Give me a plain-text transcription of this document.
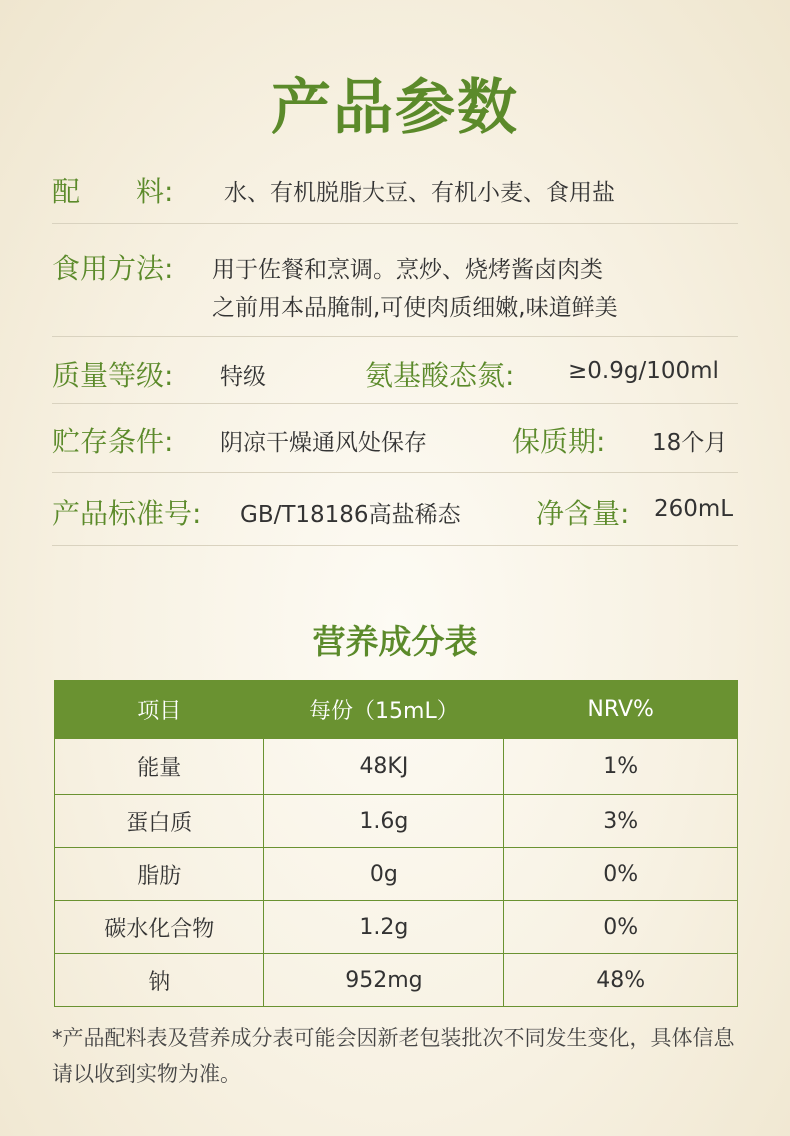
产品参数
配　　料: 水、有机脱脂大豆、有机小麦、食用盐
食用方法: 用于佐餐和烹调。烹炒、烧烤酱卤肉类
之前用本品腌制,可使肉质细嫩,味道鲜美
质量等级: 特级	氨基酸态氮: ≥0.9g/100ml
贮存条件: 阴凉干燥通风处保存	保质期: 18个月
产品标准号: GB/T18186高盐稀态	净含量: 260mL
营养成分表
项目	每份（15mL）	NRV%
能量	48KJ	1%
蛋白质	1.6g	3%
脂肪	0g	0%
碳水化合物	1.2g	0%
钠	952mg	48%
*产品配料表及营养成分表可能会因新老包装批次不同发生变化，具体信息请以收到实物为准。
